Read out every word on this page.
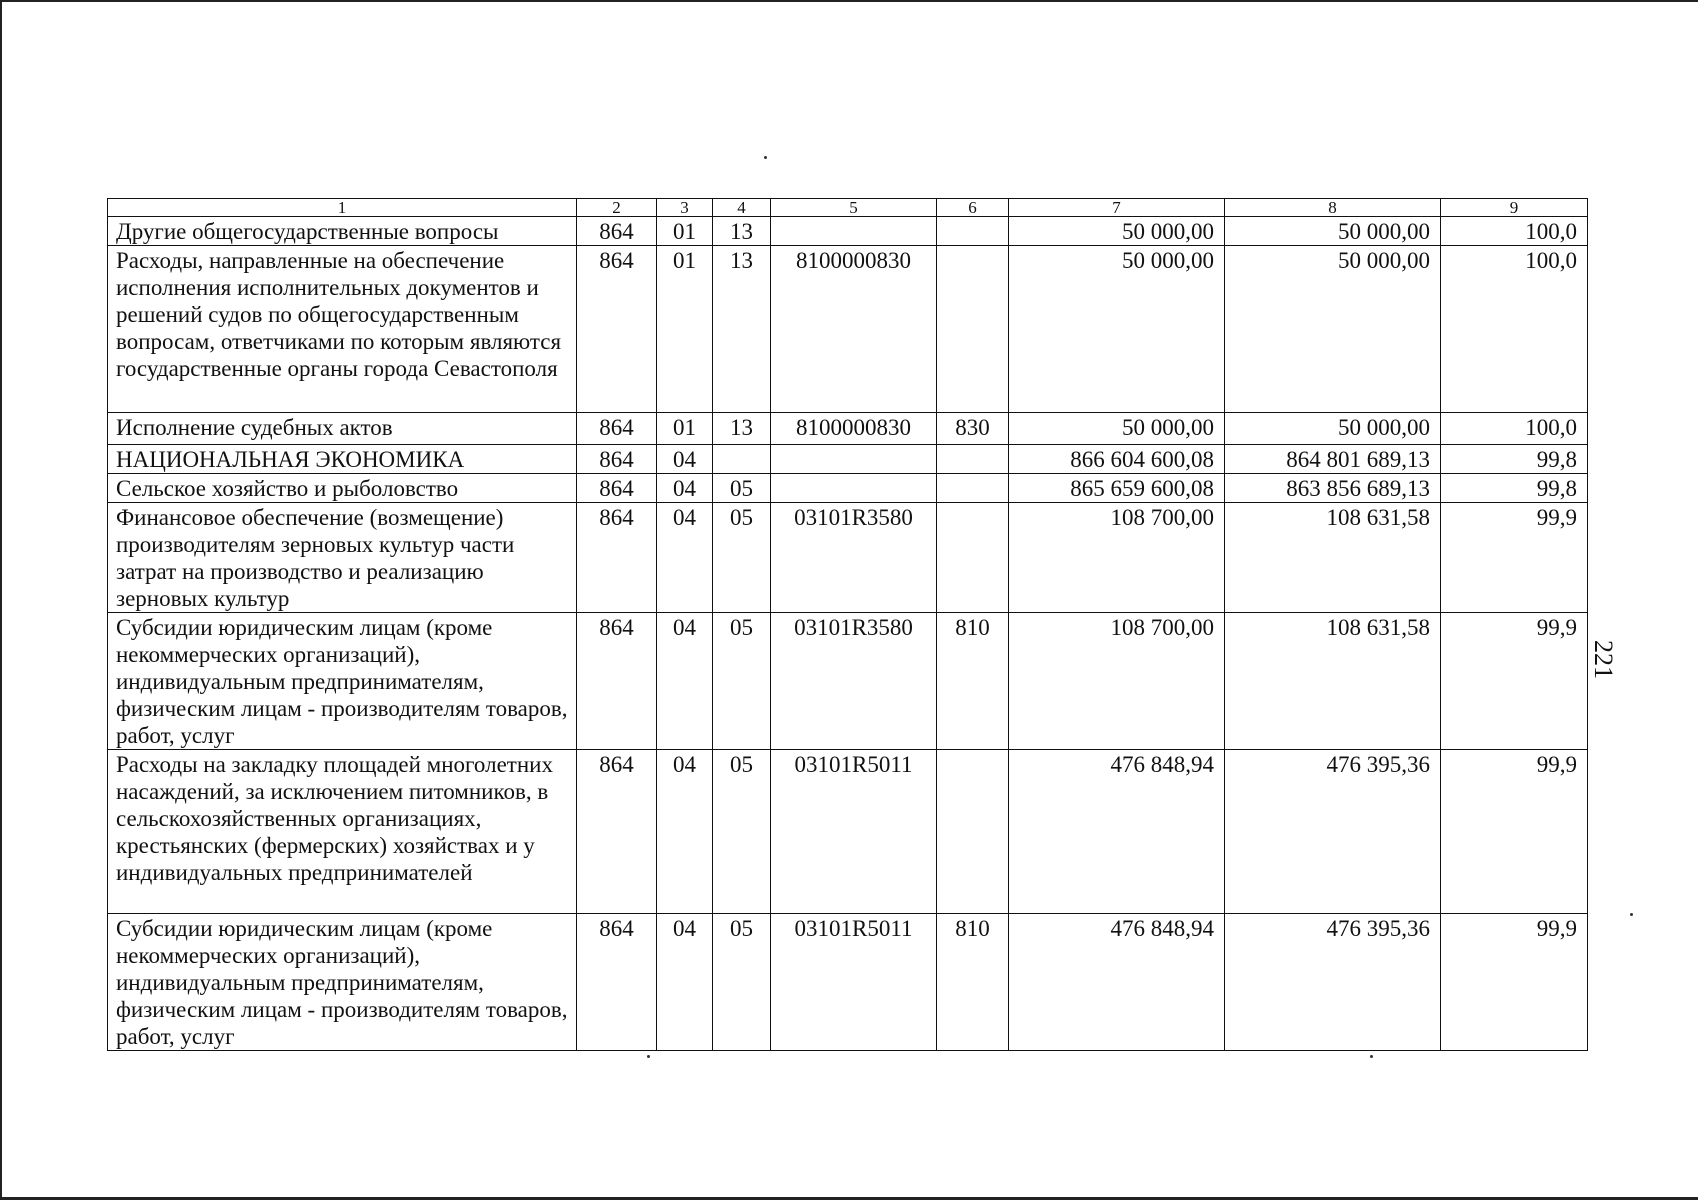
1	2	3	4	5	6	7	8	9
Другие общегосударственные вопросы	864	01	13			50 000,00	50 000,00	100,0
Расходы, направленные на обеспечение исполнения исполнительных документов и решений судов по общегосударственным вопросам, ответчиками по которым являются государственные органы города Севастополя	864	01	13	8100000830		50 000,00	50 000,00	100,0
Исполнение судебных актов	864	01	13	8100000830	830	50 000,00	50 000,00	100,0
НАЦИОНАЛЬНАЯ ЭКОНОМИКА	864	04				866 604 600,08	864 801 689,13	99,8
Сельское хозяйство и рыболовство	864	04	05			865 659 600,08	863 856 689,13	99,8
Финансовое обеспечение (возмещение) производителям зерновых культур части затрат на производство и реализацию зерновых культур	864	04	05	03101R3580		108 700,00	108 631,58	99,9
Субсидии юридическим лицам (кроме некоммерческих организаций), индивидуальным предпринимателям, физическим лицам - производителям товаров, работ, услуг	864	04	05	03101R3580	810	108 700,00	108 631,58	99,9
Расходы на закладку площадей многолетних насаждений, за исключением питомников, в сельскохозяйственных организациях, крестьянских (фермерских) хозяйствах и у индивидуальных предпринимателей	864	04	05	03101R5011		476 848,94	476 395,36	99,9
Субсидии юридическим лицам (кроме некоммерческих организаций), индивидуальным предпринимателям, физическим лицам - производителям товаров, работ, услуг	864	04	05	03101R5011	810	476 848,94	476 395,36	99,9
221
